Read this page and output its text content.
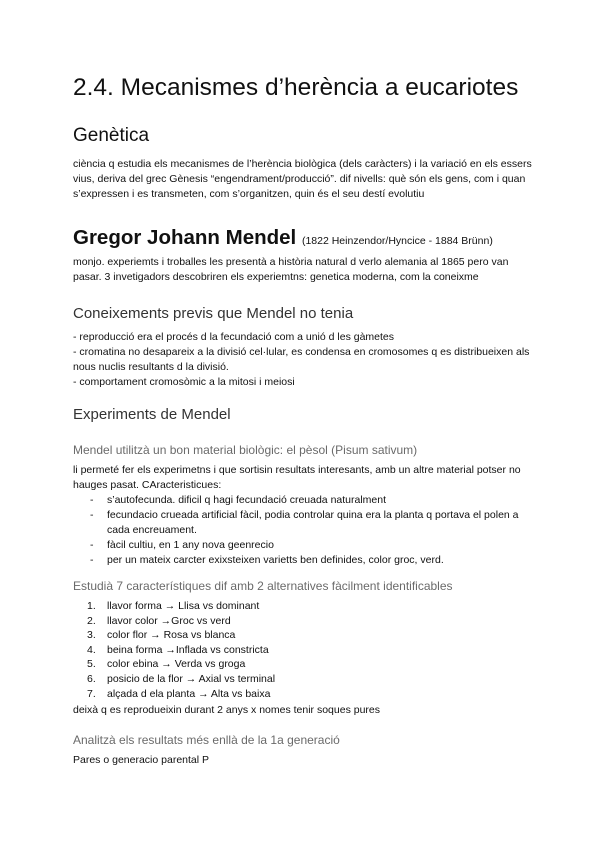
2.4. Mecanismes d’herència a eucariotes
Genètica
ciència q estudia els mecanismes de l’herència biològica (dels caràcters) i la variació en els essers
vius, deriva del grec Gènesis “engendrament/producció”. dif nivells: què són els gens, com i quan
s’expressen i es transmeten, com s’organitzen, quin és el seu destí evolutiu
Gregor Johann Mendel (1822 Heinzendor/Hyncice - 1884 Brünn)
monjo. experiemts i troballes les presentà a història natural d verlo alemania al 1865 pero van
pasar. 3 invetigadors descobriren els experiemtns: genetica moderna, com la coneixme
Coneixements previs que Mendel no tenia
- reproducció era el procés d la fecundació com a unió d les gàmetes
- cromatina no desapareix a la divisió cel·lular, es condensa en cromosomes q es distribueixen als
nous nuclis resultants d la divisió.
- comportament cromosòmic a la mitosi i meiosi
Experiments de Mendel
Mendel utilitzà un bon material biològic: el pèsol (Pisum sativum)
li permeté fer els experimetns i que sortisin resultats interesants, amb un altre material potser no
hauges pasat. CAracteristicues:
- s’autofecunda. dificil q hagi fecundació creuada naturalment
- fecundacio crueada artificial fàcil, podia controlar quina era la planta q portava el polen a
cada encreuament.
- fàcil cultiu, en 1 any nova geenrecio
- per un mateix carcter exixsteixen varietts ben definides, color groc, verd.
Estudià 7 característiques dif amb 2 alternatives fàcilment identificables
1. llavor forma → Llisa vs dominant
2. llavor color →Groc vs verd
3. color flor → Rosa vs blanca
4. beina forma →Inflada vs constricta
5. color ebina → Verda vs groga
6. posicio de la flor → Axial vs terminal
7. alçada d ela planta → Alta vs baixa
deixà q es reprodueixin durant 2 anys x nomes tenir soques pures
Analitzà els resultats més enllà de la 1a generació
Pares o generacio parental P
